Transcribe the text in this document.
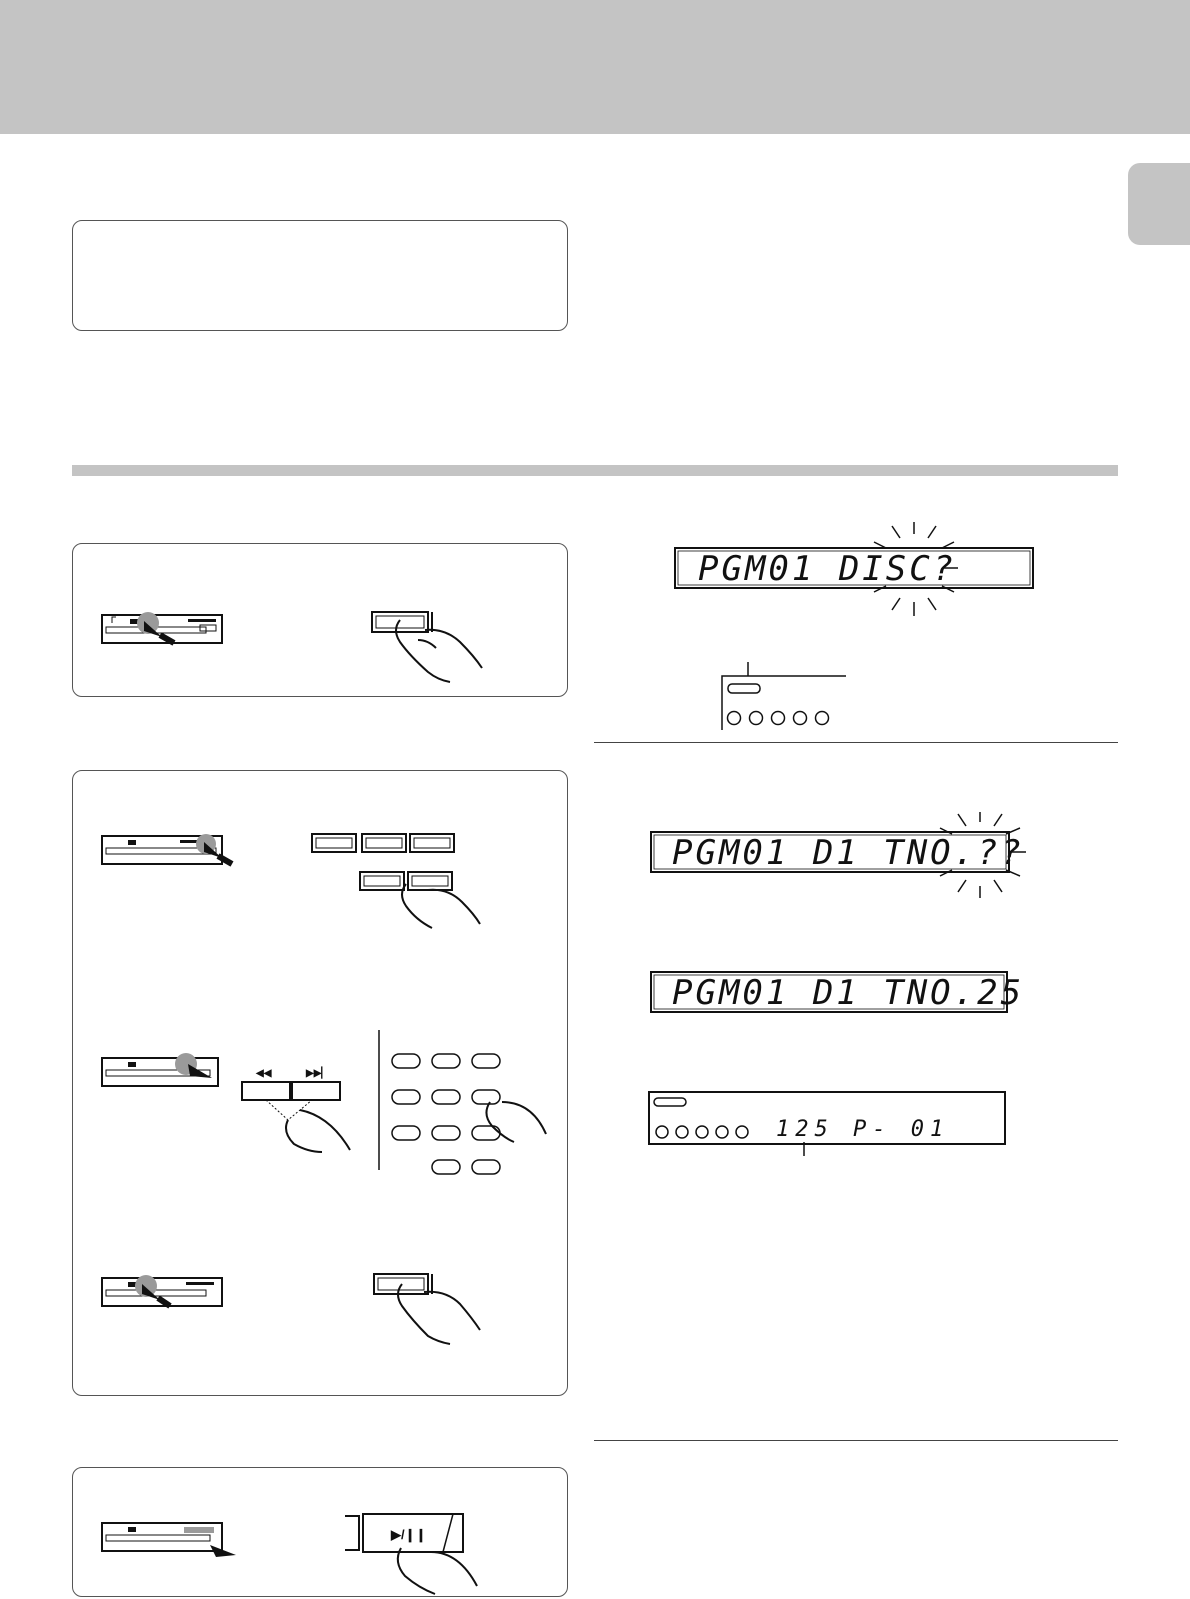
PGM01 DISC?
◀◀	▶▶▏
PGM01 D1 TNO.??
PGM01 D1 TNO.25
125 P- 01
▶/❙❙
